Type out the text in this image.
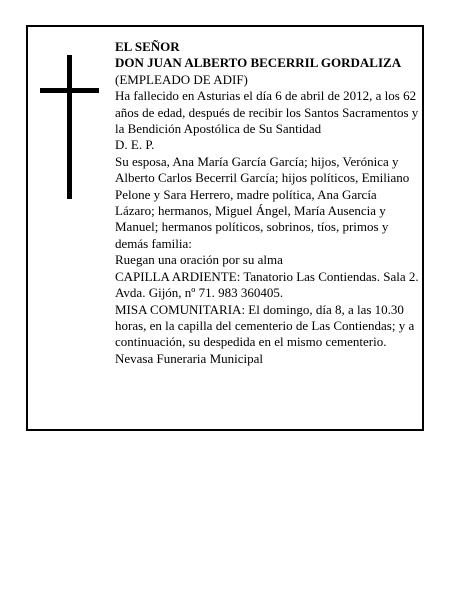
EL SEÑOR

DON JUAN ALBERTO BECERRIL GORDALIZA

(EMPLEADO DE ADIF)

Ha fallecido en Asturias el día 6 de abril de 2012, a los 62 años de edad, después de recibir los Santos Sacramentos y la Bendición Apostólica de Su Santidad

D. E. P.

Su esposa, Ana María García García; hijos, Verónica y Alberto Carlos Becerril García; hijos políticos, Emiliano Pelone y Sara Herrero, madre política, Ana García Lázaro; hermanos, Miguel Ángel, María Ausencia y Manuel; hermanos políticos, sobrinos, tíos, primos y demás familia:

Ruegan una oración por su alma

CAPILLA ARDIENTE: Tanatorio Las Contiendas. Sala 2. Avda. Gijón, nº 71. 983 360405.

MISA COMUNITARIA: El domingo, día 8, a las 10.30 horas, en la capilla del cementerio de Las Contiendas; y a continuación, su despedida en el mismo cementerio.

Nevasa Funeraria Municipal
